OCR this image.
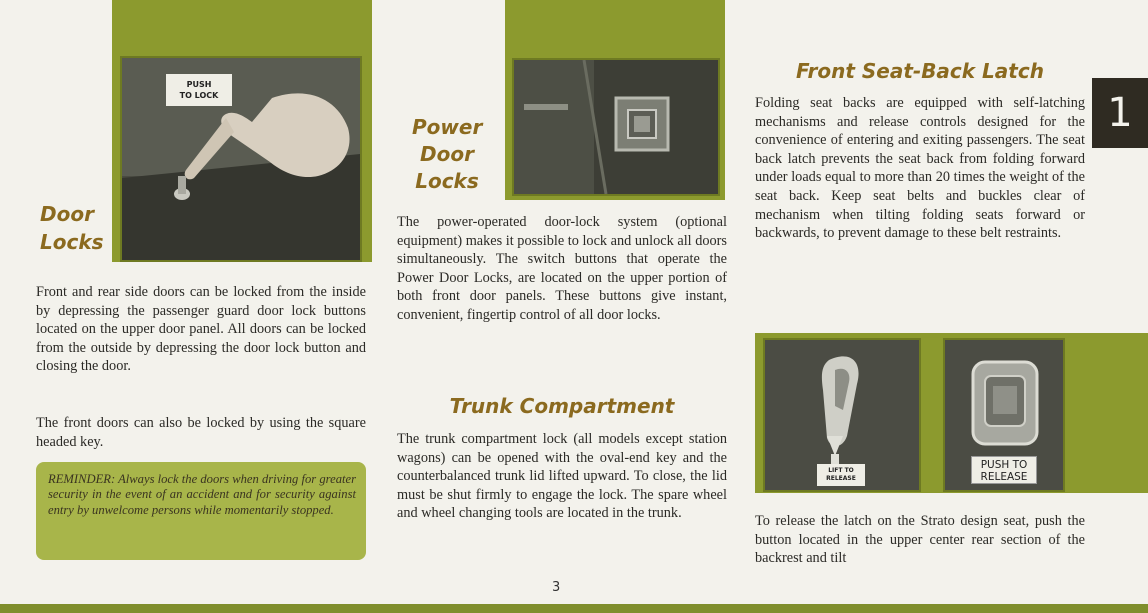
PUSH
TO LOCK
Door
Locks

Front and rear side doors can be locked from the inside by depressing the passenger guard door lock buttons located on the upper door panel. All doors can be locked from the outside by depressing the door lock button and closing the door.

The front doors can also be locked by using the square headed key.

REMINDER: Always lock the doors when driving for greater security in the event of an accident and for security against entry by unwelcome persons while momentarily stopped.
Power
Door
Locks

The power-operated door-lock system (optional equipment) makes it possible to lock and unlock all doors simultaneously. The switch buttons that operate the Power Door Locks, are located on the upper portion of both front door panels. These buttons give instant, convenient, fingertip control of all door locks.

Trunk Compartment

The trunk compartment lock (all models except station wagons) can be opened with the oval-end key and the counterbalanced trunk lid lifted upward. To close, the lid must be shut firmly to engage the lock. The spare wheel and wheel changing tools are located in the trunk.

3
Front Seat-Back Latch

Folding seat backs are equipped with self-latching mechanisms and release controls designed for the convenience of entering and exiting passengers. The seat back latch prevents the seat back from folding forward under loads equal to more than 20 times the weight of the seat back. Keep seat belts and buckles clear of mechanism when tilting folding seats forward or backwards, to prevent damage to these belt restraints.

1
LIFT TO
RELEASE
PUSH TO
RELEASE

To release the latch on the Strato design seat, push the button located in the upper center rear section of the backrest and tilt
